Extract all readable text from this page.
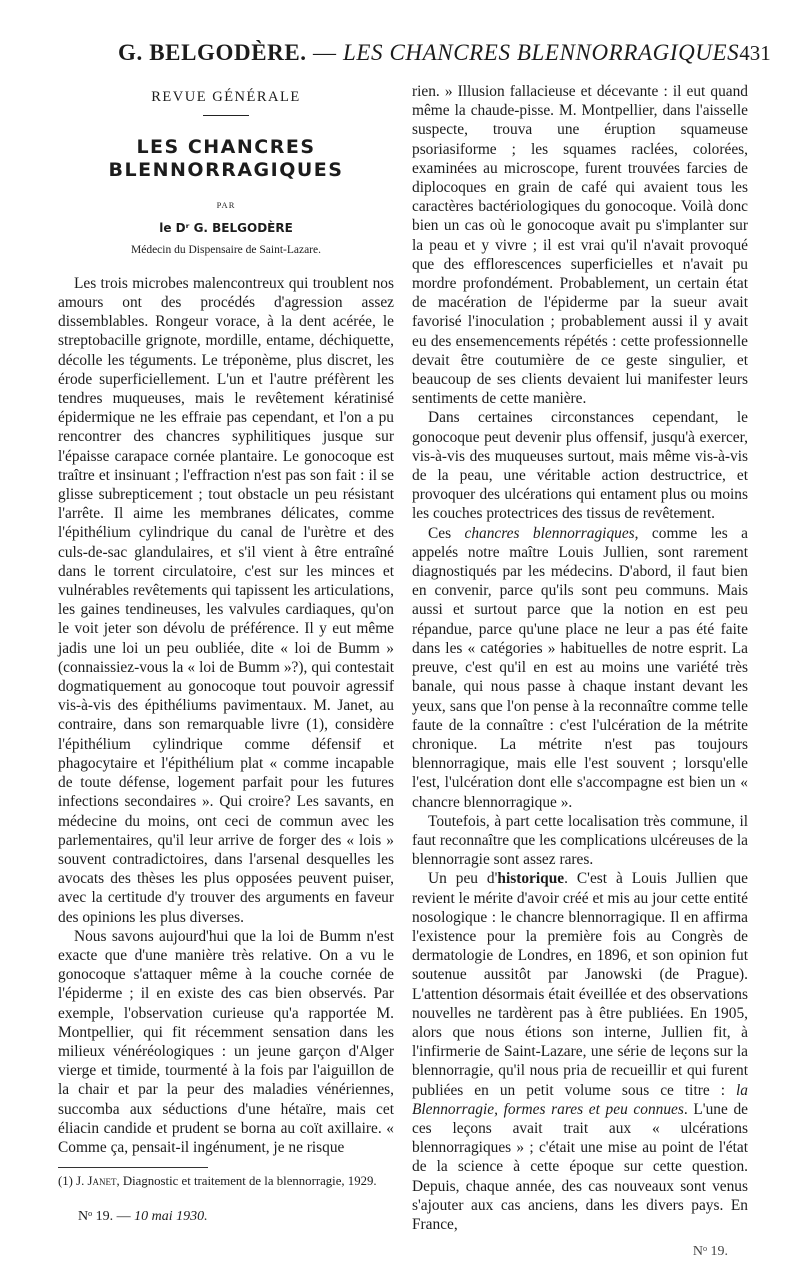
G. BELGODÈRE. — LES CHANCRES BLENNORRAGIQUES 431
REVUE GÉNÉRALE
LES CHANCRES
BLENNORRAGIQUES
PAR
le Dʳ G. BELGODÈRE
Médecin du Dispensaire de Saint-Lazare.

Les trois microbes malencontreux qui troublent nos amours ont des procédés d'agression assez dissemblables. Rongeur vorace, à la dent acérée, le streptobacille grignote, mordille, entame, déchiquette, décolle les téguments. Le tréponème, plus discret, les érode superficiellement. L'un et l'autre préfèrent les tendres muqueuses, mais le revêtement kératinisé épidermique ne les effraie pas cependant, et l'on a pu rencontrer des chancres syphilitiques jusque sur l'épaisse carapace cornée plantaire. Le gonocoque est traître et insinuant ; l'effraction n'est pas son fait : il se glisse subrepticement ; tout obstacle un peu résistant l'arrête. Il aime les membranes délicates, comme l'épithélium cylindrique du canal de l'urètre et des culs-de-sac glandulaires, et s'il vient à être entraîné dans le torrent circulatoire, c'est sur les minces et vulnérables revêtements qui tapissent les articulations, les gaines tendineuses, les valvules cardiaques, qu'on le voit jeter son dévolu de préférence. Il y eut même jadis une loi un peu oubliée, dite « loi de Bumm » (connaissiez-vous la « loi de Bumm »?), qui contestait dogmatiquement au gonocoque tout pouvoir agressif vis-à-vis des épithéliums pavimentaux. M. Janet, au contraire, dans son remarquable livre (1), considère l'épithélium cylindrique comme défensif et phagocytaire et l'épithélium plat « comme incapable de toute défense, logement parfait pour les futures infections secondaires ». Qui croire? Les savants, en médecine du moins, ont ceci de commun avec les parlementaires, qu'il leur arrive de forger des « lois » souvent contradictoires, dans l'arsenal desquelles les avocats des thèses les plus opposées peuvent puiser, avec la certitude d'y trouver des arguments en faveur des opinions les plus diverses.

Nous savons aujourd'hui que la loi de Bumm n'est exacte que d'une manière très relative. On a vu le gonocoque s'attaquer même à la couche cornée de l'épiderme ; il en existe des cas bien observés. Par exemple, l'observation curieuse qu'a rapportée M. Montpellier, qui fit récemment sensation dans les milieux vénéréologiques : un jeune garçon d'Alger vierge et timide, tourmenté à la fois par l'aiguillon de la chair et par la peur des maladies vénériennes, succomba aux séductions d'une hétaïre, mais cet éliacin candide et prudent se borna au coït axillaire. « Comme ça, pensait-il ingénument, je ne risque

(1) J. Janet, Diagnostic et traitement de la blennorragie, 1929.
Nᵒ 19. — 10 mai 1930.

rien. » Illusion fallacieuse et décevante : il eut quand même la chaude-pisse. M. Montpellier, dans l'aisselle suspecte, trouva une éruption squameuse psoriasiforme ; les squames raclées, colorées, examinées au microscope, furent trouvées farcies de diplocoques en grain de café qui avaient tous les caractères bactériologiques du gonocoque. Voilà donc bien un cas où le gonocoque avait pu s'implanter sur la peau et y vivre ; il est vrai qu'il n'avait provoqué que des efflorescences superficielles et n'avait pu mordre profondément. Probablement, un certain état de macération de l'épiderme par la sueur avait favorisé l'inoculation ; probablement aussi il y avait eu des ensemencements répétés : cette professionnelle devait être coutumière de ce geste singulier, et beaucoup de ses clients devaient lui manifester leurs sentiments de cette manière.

Dans certaines circonstances cependant, le gonocoque peut devenir plus offensif, jusqu'à exercer, vis-à-vis des muqueuses surtout, mais même vis-à-vis de la peau, une véritable action destructrice, et provoquer des ulcérations qui entament plus ou moins les couches protectrices des tissus de revêtement.

Ces chancres blennorragiques, comme les a appelés notre maître Louis Jullien, sont rarement diagnostiqués par les médecins. D'abord, il faut bien en convenir, parce qu'ils sont peu communs. Mais aussi et surtout parce que la notion en est peu répandue, parce qu'une place ne leur a pas été faite dans les « catégories » habituelles de notre esprit. La preuve, c'est qu'il en est au moins une variété très banale, qui nous passe à chaque instant devant les yeux, sans que l'on pense à la reconnaître comme telle faute de la connaître : c'est l'ulcération de la métrite chronique. La métrite n'est pas toujours blennorragique, mais elle l'est souvent ; lorsqu'elle l'est, l'ulcération dont elle s'accompagne est bien un « chancre blennorragique ».

Toutefois, à part cette localisation très commune, il faut reconnaître que les complications ulcéreuses de la blennorragie sont assez rares.

Un peu d'historique. C'est à Louis Jullien que revient le mérite d'avoir créé et mis au jour cette entité nosologique : le chancre blennorragique. Il en affirma l'existence pour la première fois au Congrès de dermatologie de Londres, en 1896, et son opinion fut soutenue aussitôt par Janowski (de Prague). L'attention désormais était éveillée et des observations nouvelles ne tardèrent pas à être publiées. En 1905, alors que nous étions son interne, Jullien fit, à l'infirmerie de Saint-Lazare, une série de leçons sur la blennorragie, qu'il nous pria de recueillir et qui furent publiées en un petit volume sous ce titre : la Blennorragie, formes rares et peu connues. L'une de ces leçons avait trait aux « ulcérations blennorragiques » ; c'était une mise au point de l'état de la science à cette époque sur cette question. Depuis, chaque année, des cas nouveaux sont venus s'ajouter aux cas anciens, dans les divers pays. En France,

Nᵒ 19.
